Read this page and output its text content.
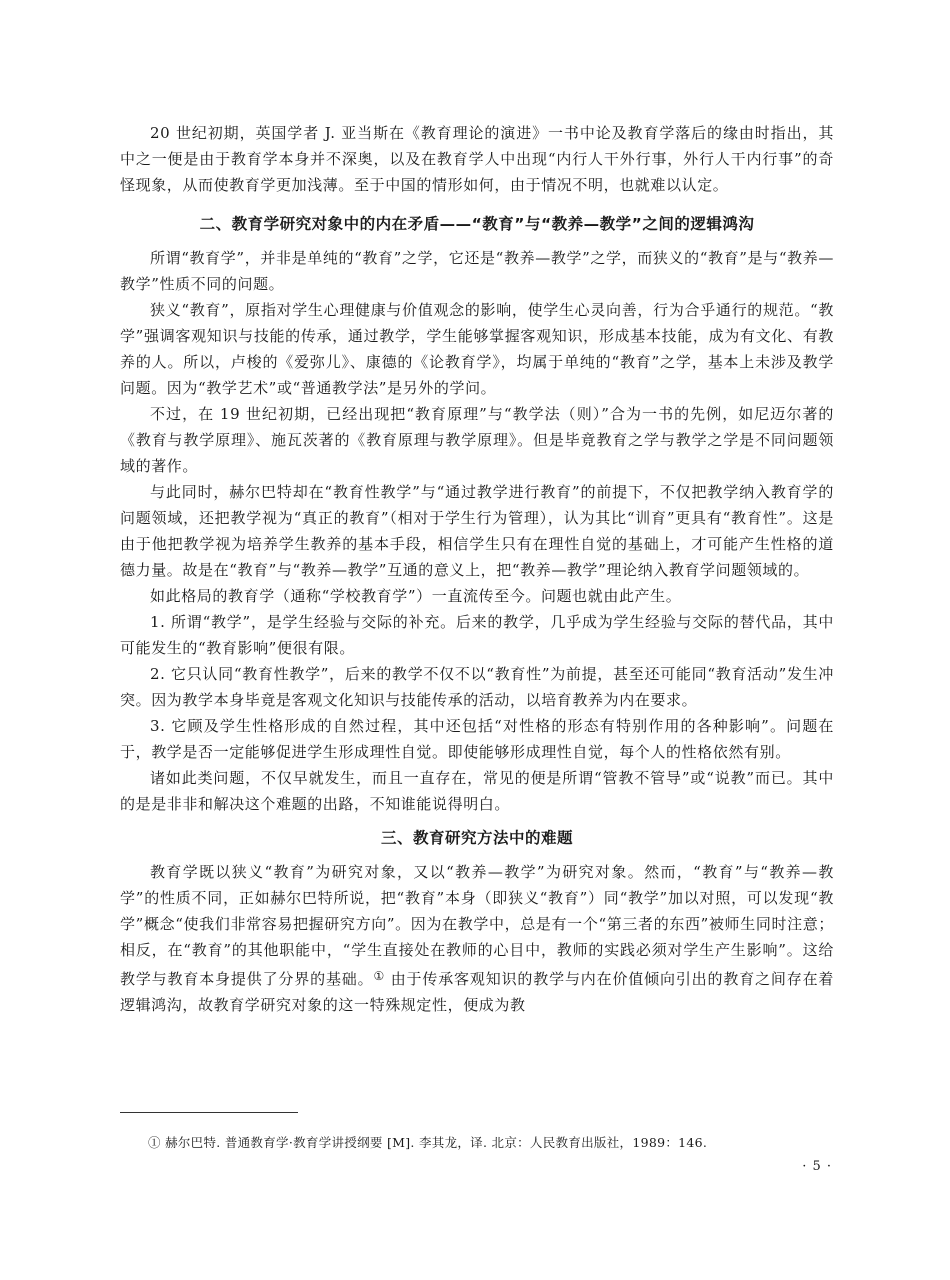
20 世纪初期，英国学者 J. 亚当斯在《教育理论的演进》一书中论及教育学落后的缘由时指出，其中之一便是由于教育学本身并不深奥，以及在教育学人中出现“内行人干外行事，外行人干内行事”的奇怪现象，从而使教育学更加浅薄。至于中国的情形如何，由于情况不明，也就难以认定。

二、教育学研究对象中的内在矛盾——“教育”与“教养—教学”之间的逻辑鸿沟

所谓“教育学”，并非是单纯的“教育”之学，它还是“教养—教学”之学，而狭义的“教育”是与“教养—教学”性质不同的问题。

狭义“教育”，原指对学生心理健康与价值观念的影响，使学生心灵向善，行为合乎通行的规范。“教学”强调客观知识与技能的传承，通过教学，学生能够掌握客观知识，形成基本技能，成为有文化、有教养的人。所以，卢梭的《爱弥儿》、康德的《论教育学》，均属于单纯的“教育”之学，基本上未涉及教学问题。因为“教学艺术”或“普通教学法”是另外的学问。

不过，在 19 世纪初期，已经出现把“教育原理”与“教学法（则）”合为一书的先例，如尼迈尔著的《教育与教学原理》、施瓦茨著的《教育原理与教学原理》。但是毕竟教育之学与教学之学是不同问题领域的著作。

与此同时，赫尔巴特却在“教育性教学”与“通过教学进行教育”的前提下，不仅把教学纳入教育学的问题领域，还把教学视为“真正的教育”（相对于学生行为管理），认为其比“训育”更具有“教育性”。这是由于他把教学视为培养学生教养的基本手段，相信学生只有在理性自觉的基础上，才可能产生性格的道德力量。故是在“教育”与“教养—教学”互通的意义上，把“教养—教学”理论纳入教育学问题领域的。

如此格局的教育学（通称“学校教育学”）一直流传至今。问题也就由此产生。

1. 所谓“教学”，是学生经验与交际的补充。后来的教学，几乎成为学生经验与交际的替代品，其中可能发生的“教育影响”便很有限。

2. 它只认同“教育性教学”，后来的教学不仅不以“教育性”为前提，甚至还可能同“教育活动”发生冲突。因为教学本身毕竟是客观文化知识与技能传承的活动，以培育教养为内在要求。

3. 它顾及学生性格形成的自然过程，其中还包括“对性格的形态有特别作用的各种影响”。问题在于，教学是否一定能够促进学生形成理性自觉。即使能够形成理性自觉，每个人的性格依然有别。

诸如此类问题，不仅早就发生，而且一直存在，常见的便是所谓“管教不管导”或“说教”而已。其中的是是非非和解决这个难题的出路，不知谁能说得明白。

三、教育研究方法中的难题

教育学既以狭义“教育”为研究对象，又以“教养—教学”为研究对象。然而，“教育”与“教养—教学”的性质不同，正如赫尔巴特所说，把“教育”本身（即狭义“教育”）同“教学”加以对照，可以发现“教学”概念“使我们非常容易把握研究方向”。因为在教学中，总是有一个“第三者的东西”被师生同时注意；相反，在“教育”的其他职能中，“学生直接处在教师的心目中，教师的实践必须对学生产生影响”。这给教学与教育本身提供了分界的基础。① 由于传承客观知识的教学与内在价值倾向引出的教育之间存在着逻辑鸿沟，故教育学研究对象的这一特殊规定性，便成为教

① 赫尔巴特. 普通教育学·教育学讲授纲要 [M]. 李其龙，译. 北京：人民教育出版社，1989：146.
· 5 ·
